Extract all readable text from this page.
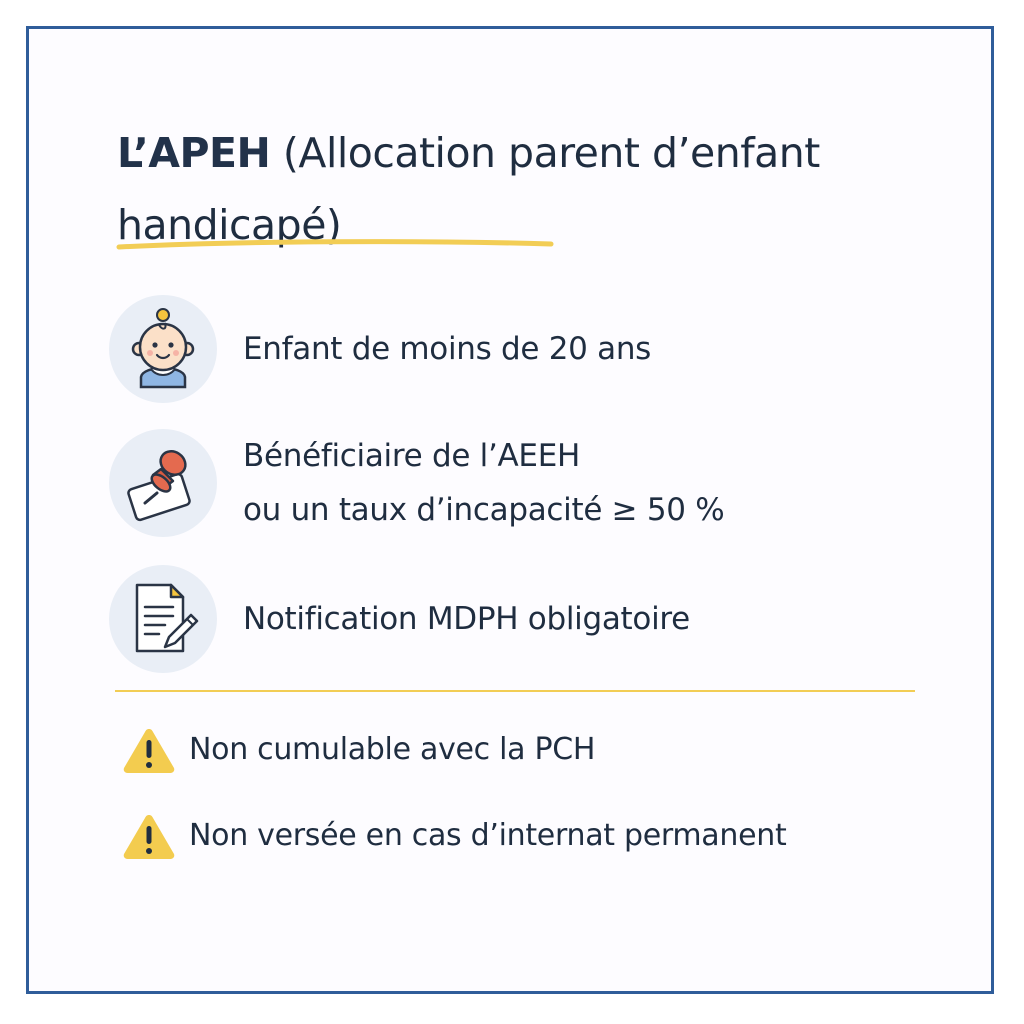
L’APEH (Allocation parent d’enfant handicapé)
Enfant de moins de 20 ans
Bénéficiaire de l’AEEH
ou un taux d’incapacité ≥ 50 %
Notification MDPH obligatoire
Non cumulable avec la PCH
Non versée en cas d’internat permanent
